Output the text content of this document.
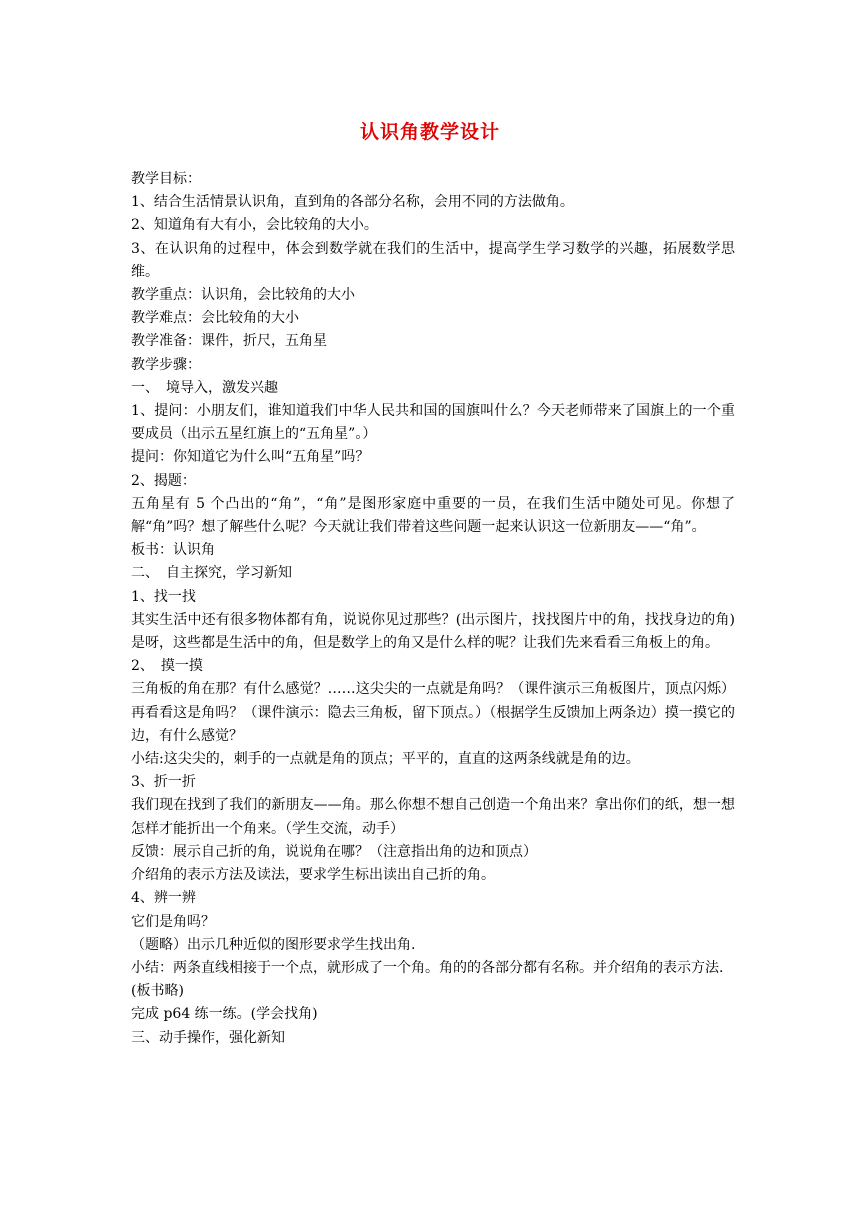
认识角教学设计

教学目标：

1、结合生活情景认识角，直到角的各部分名称，会用不同的方法做角。

2、知道角有大有小，会比较角的大小。

3、在认识角的过程中，体会到数学就在我们的生活中，提高学生学习数学的兴趣，拓展数学思维。

教学重点：认识角，会比较角的大小

教学难点：会比较角的大小

教学准备：课件，折尺，五角星

教学步骤：

一、　境导入，激发兴趣

1、提问：小朋友们，谁知道我们中华人民共和国的国旗叫什么？今天老师带来了国旗上的一个重要成员（出示五星红旗上的“五角星”。）

提问：你知道它为什么叫“五角星”吗？

2、揭题：

五角星有 5 个凸出的“角”，“角”是图形家庭中重要的一员，在我们生活中随处可见。你想了解“角”吗？想了解些什么呢？今天就让我们带着这些问题一起来认识这一位新朋友——“角”。

板书：认识角

二、　自主探究，学习新知

1、找一找

其实生活中还有很多物体都有角，说说你见过那些？(出示图片，找找图片中的角，找找身边的角)是呀，这些都是生活中的角，但是数学上的角又是什么样的呢？让我们先来看看三角板上的角。

2、　摸一摸

三角板的角在那？有什么感觉？……这尖尖的一点就是角吗？（课件演示三角板图片，顶点闪烁）再看看这是角吗？（课件演示：隐去三角板，留下顶点。）（根据学生反馈加上两条边）摸一摸它的边，有什么感觉？

小结:这尖尖的，刺手的一点就是角的顶点；平平的，直直的这两条线就是角的边。

3、折一折

我们现在找到了我们的新朋友——角。那么你想不想自己创造一个角出来？拿出你们的纸，想一想怎样才能折出一个角来。（学生交流，动手）

反馈：展示自己折的角，说说角在哪？（注意指出角的边和顶点）

介绍角的表示方法及读法，要求学生标出读出自己折的角。

4、辨一辨

它们是角吗？

（题略）出示几种近似的图形要求学生找出角.

小结：两条直线相接于一个点，就形成了一个角。角的的各部分都有名称。并介绍角的表示方法.

(板书略)

完成 p64 练一练。(学会找角)

三、动手操作，强化新知
